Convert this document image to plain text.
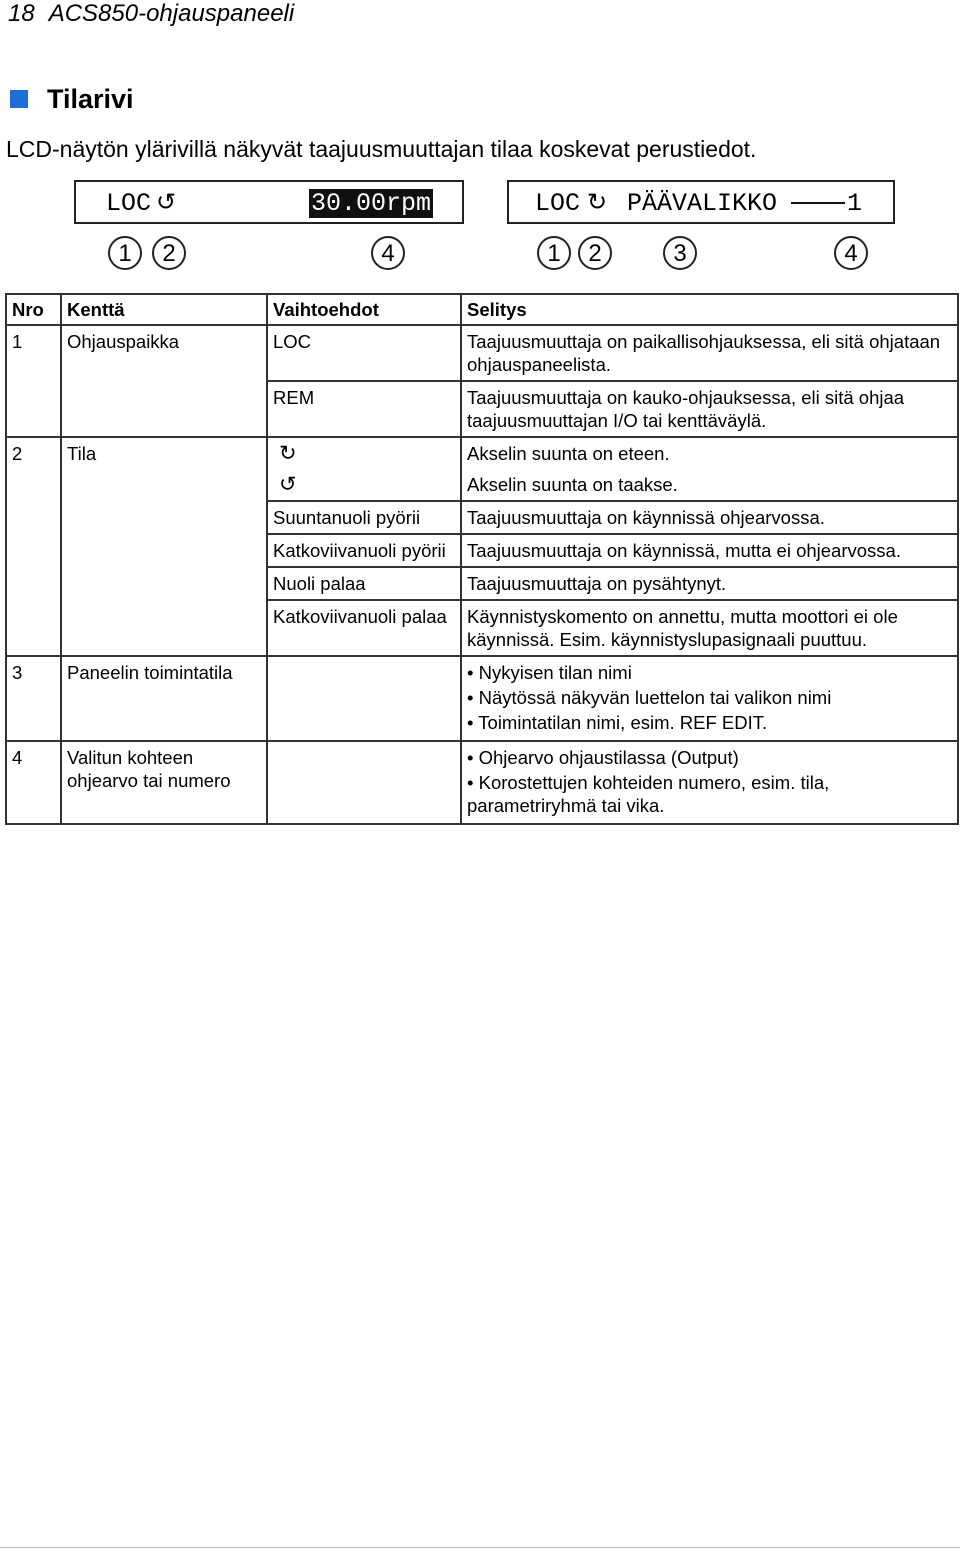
18 ACS850-ohjauspaneeli
Tilarivi
LCD-näytön ylärivillä näkyvät taajuusmuuttajan tilaa koskevat perustiedot.
LOC ↺	30.00rpm	LOC ↻ PÄÄVALIKKO	1
1	2	4	1	2	3	4
Nro	Kenttä	Vaihtoehdot	Selitys
1	Ohjauspaikka	LOC	Taajuusmuuttaja on paikallisohjauksessa, eli sitä ohjataan ohjauspaneelista.
		REM	Taajuusmuuttaja on kauko-ohjauksessa, eli sitä ohjaa taajuusmuuttajan I/O tai kenttäväylä.
2	Tila	↻	Akselin suunta on eteen.
		↺	Akselin suunta on taakse.
		Suuntanuoli pyörii	Taajuusmuuttaja on käynnissä ohjearvossa.
		Katkoviivanuoli pyörii	Taajuusmuuttaja on käynnissä, mutta ei ohjearvossa.
		Nuoli palaa	Taajuusmuuttaja on pysähtynyt.
		Katkoviivanuoli palaa	Käynnistyskomento on annettu, mutta moottori ei ole käynnissä. Esim. käynnistyslupasignaali puuttuu.
3	Paneelin toimintatila		• Nykyisen tilan nimi
• Näytössä näkyvän luettelon tai valikon nimi
• Toimintatilan nimi, esim. REF EDIT.

4	Valitun kohteen ohjearvo tai numero		• Ohjearvo ohjaustilassa (Output)
• Korostettujen kohteiden numero, esim. tila, parametriryhmä tai vika.
